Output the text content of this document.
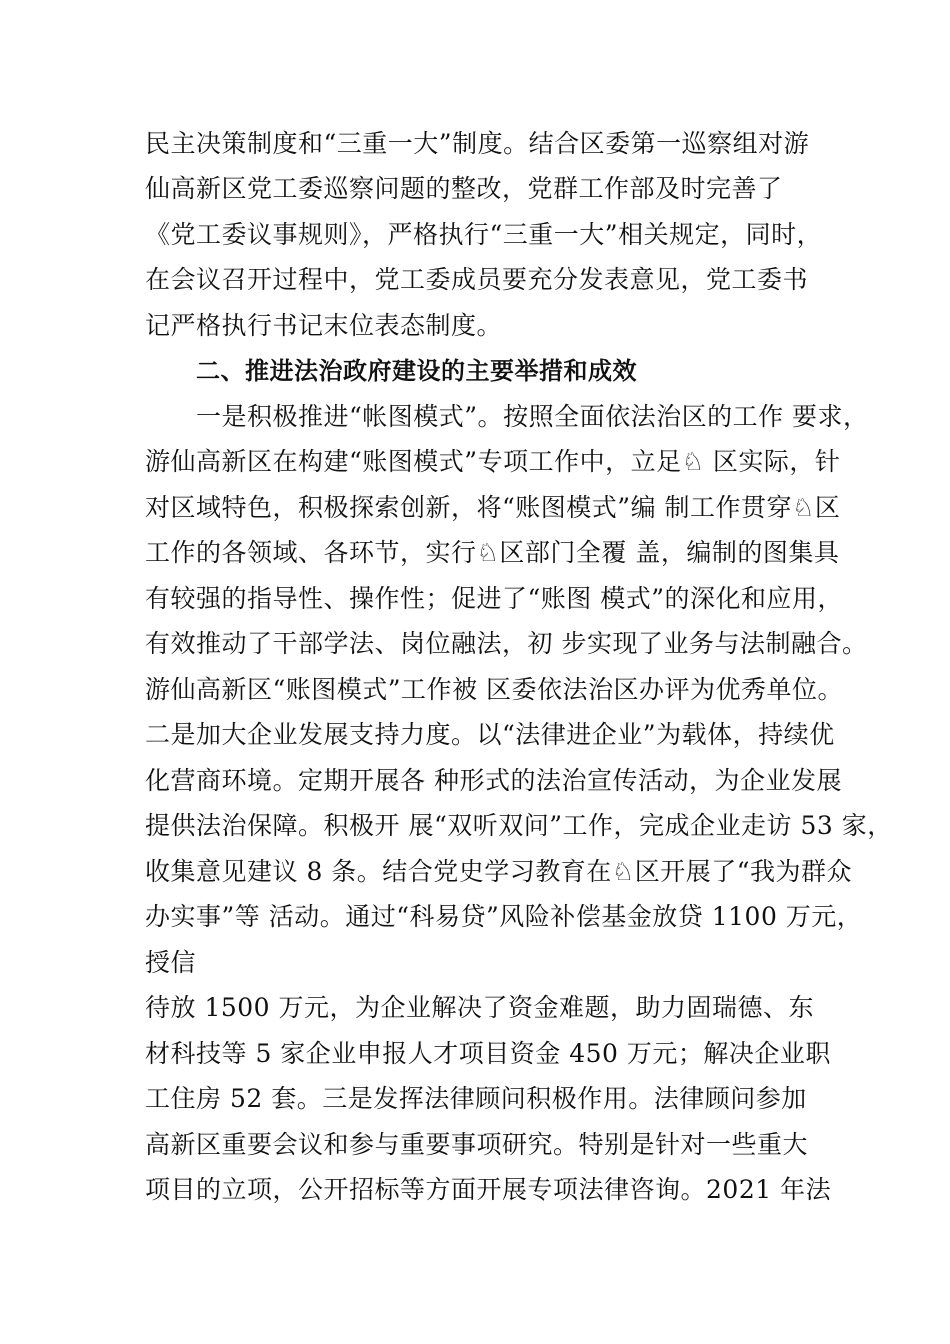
民主决策制度和“三重一大”制度。结合区委第一巡察组对游
仙高新区党工委巡察问题的整改，党群工作部及时完善了
《党工委议事规则》，严格执行“三重一大”相关规定，同时，
在会议召开过程中，党工委成员要充分发表意见，党工委书
记严格执行书记末位表态制度。
二、推进法治政府建设的主要举措和成效
一是积极推进“帐图模式”。按照全面依法治区的工作 要求，
游仙高新区在构建“账图模式”专项工作中，立足♘ 区实际，针
对区域特色，积极探索创新，将“账图模式”编 制工作贯穿♘区
工作的各领域、各环节，实行♘区部门全覆 盖，编制的图集具
有较强的指导性、操作性；促进了“账图 模式”的深化和应用，
有效推动了干部学法、岗位融法，初 步实现了业务与法制融合。
游仙高新区“账图模式”工作被 区委依法治区办评为优秀单位。
二是加大企业发展支持力度。以“法律进企业”为载体，持续优
化营商环境。定期开展各 种形式的法治宣传活动，为企业发展
提供法治保障。积极开 展“双听双问”工作，完成企业走访 53 家，
收集意见建议 8 条。结合党史学习教育在♘区开展了“我为群众
办实事”等 活动。通过“科易贷”风险补偿基金放贷 1100 万元，
授信
待放 1500 万元，为企业解决了资金难题，助力固瑞德、东
材科技等 5 家企业申报人才项目资金 450 万元；解决企业职
工住房 52 套。三是发挥法律顾问积极作用。法律顾问参加
高新区重要会议和参与重要事项研究。特别是针对一些重大
项目的立项，公开招标等方面开展专项法律咨询。2021 年法
